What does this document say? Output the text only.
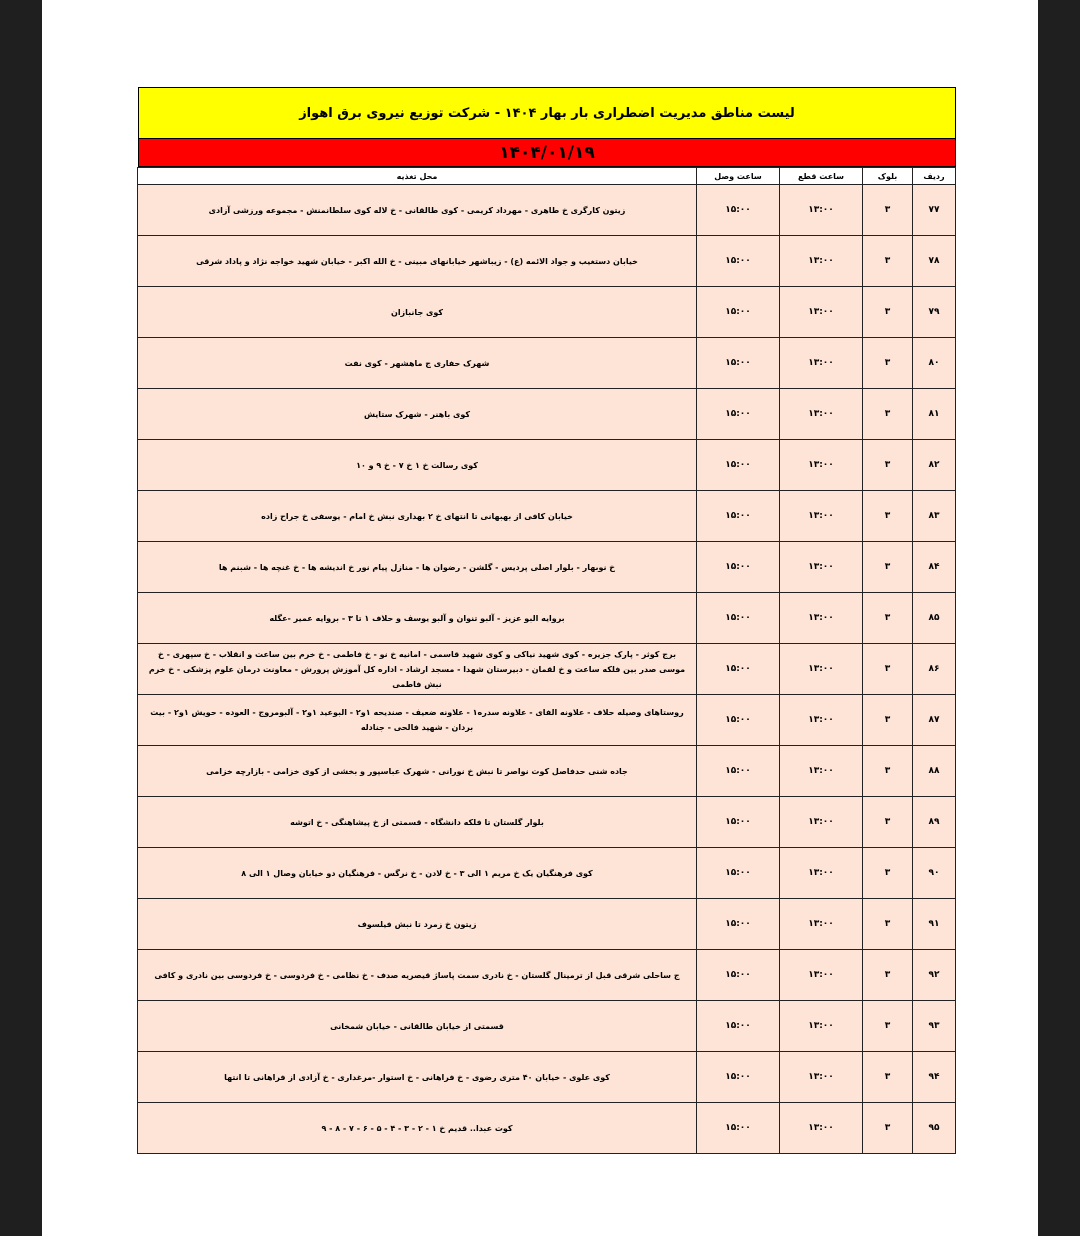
لیست مناطق مدیریت اضطراری بار بهار ۱۴۰۴ - شرکت توزیع نیروی برق اهواز
۱۴۰۴/۰۱/۱۹
ردیف	بلوک	ساعت قطع	ساعت وصل	محل تغذیه
۷۷	۳	۱۳:۰۰	۱۵:۰۰	زیتون کارگری خ طاهری - مهرداد کریمی - کوی طالقانی - خ لاله کوی سلطانمنش - مجموعه ورزشی آزادی
۷۸	۳	۱۳:۰۰	۱۵:۰۰	خیابان دستغیب و جواد الائمه (ع) - زیباشهر خیابانهای مبینی - خ الله اکبر - خیابان شهید خواجه نژاد و پاداد شرقی
۷۹	۳	۱۳:۰۰	۱۵:۰۰	کوی جانبازان
۸۰	۳	۱۳:۰۰	۱۵:۰۰	شهرک حفاری ج ماهشهر - کوی نفت
۸۱	۳	۱۳:۰۰	۱۵:۰۰	کوی باهنر - شهرک ستایش
۸۲	۳	۱۳:۰۰	۱۵:۰۰	کوی رسالت خ ۱ خ ۷ - خ ۹ و ۱۰
۸۳	۳	۱۳:۰۰	۱۵:۰۰	خیابان کافی از بهبهانی تا انتهای خ ۲ بهداری نبش خ امام - یوسفی خ جراح زاده
۸۴	۳	۱۳:۰۰	۱۵:۰۰	خ نوبهار - بلوار اصلی پردیس - گلشن - رضوان ها - منازل پیام نور خ اندیشه ها - خ غنچه ها - شبنم ها
۸۵	۳	۱۳:۰۰	۱۵:۰۰	بروایه البو عزیز - آلبو تنوان و آلبو یوسف و حلاف ۱ تا ۳ - بروایه عمیر -عگله
۸۶	۳	۱۳:۰۰	۱۵:۰۰	برج کوثر - پارک جزیره - کوی شهید نیاکی و کوی شهید قاسمی - امانیه خ نو - خ فاطمی - خ خرم بین ساعت و انقلاب - خ سپهری - خ موسی صدر بین فلکه ساعت و خ لقمان - دبیرستان شهدا - مسجد ارشاد - اداره کل آموزش پرورش - معاونت درمان علوم پزشکی - خ خرم نبش فاطمی
۸۷	۳	۱۳:۰۰	۱۵:۰۰	روستاهای وصیله حلاف - علاونه الفای - علاونه سدره۱ - علاونه ضعیف - صندیحه ۱و۲ - البوعید ۱و۲ - آلبومروج - العوده - حویش ۱و۲ - بیت بردان - شهید فالحی - جنادله
۸۸	۳	۱۳:۰۰	۱۵:۰۰	جاده شنی حدفاصل کوت نواصر تا نبش خ نورانی - شهرک عباسپور و بخشی از کوی خزامی - بازارچه خزامی
۸۹	۳	۱۳:۰۰	۱۵:۰۰	بلوار گلستان تا فلکه دانشگاه - قسمتی از خ پیشاهنگی - خ اتوشه
۹۰	۳	۱۳:۰۰	۱۵:۰۰	کوی فرهنگیان یک خ مریم ۱ الی ۳ - خ لادن - خ نرگس - فرهنگیان دو خیابان وصال ۱ الی ۸
۹۱	۳	۱۳:۰۰	۱۵:۰۰	زیتون خ زمرد تا نبش فیلسوف
۹۲	۳	۱۳:۰۰	۱۵:۰۰	ج ساحلی شرقی قبل از ترمینال گلستان - خ نادری سمت پاساژ قیصریه صدف - خ نظامی - خ فردوسی - خ فردوسی بین نادری و کافی
۹۳	۳	۱۳:۰۰	۱۵:۰۰	قسمتی از خیابان طالقانی - خیابان شمخانی
۹۴	۳	۱۳:۰۰	۱۵:۰۰	کوی علوی - خیابان ۴۰ متری رضوی - خ فراهانی - خ استوار -مرغداری - خ آزادی از فراهانی تا انتها
۹۵	۳	۱۳:۰۰	۱۵:۰۰	کوت عبدا.. قدیم خ ۱ - ۲ - ۳ - ۴ - ۵ - ۶ - ۷ - ۸ - ۹
